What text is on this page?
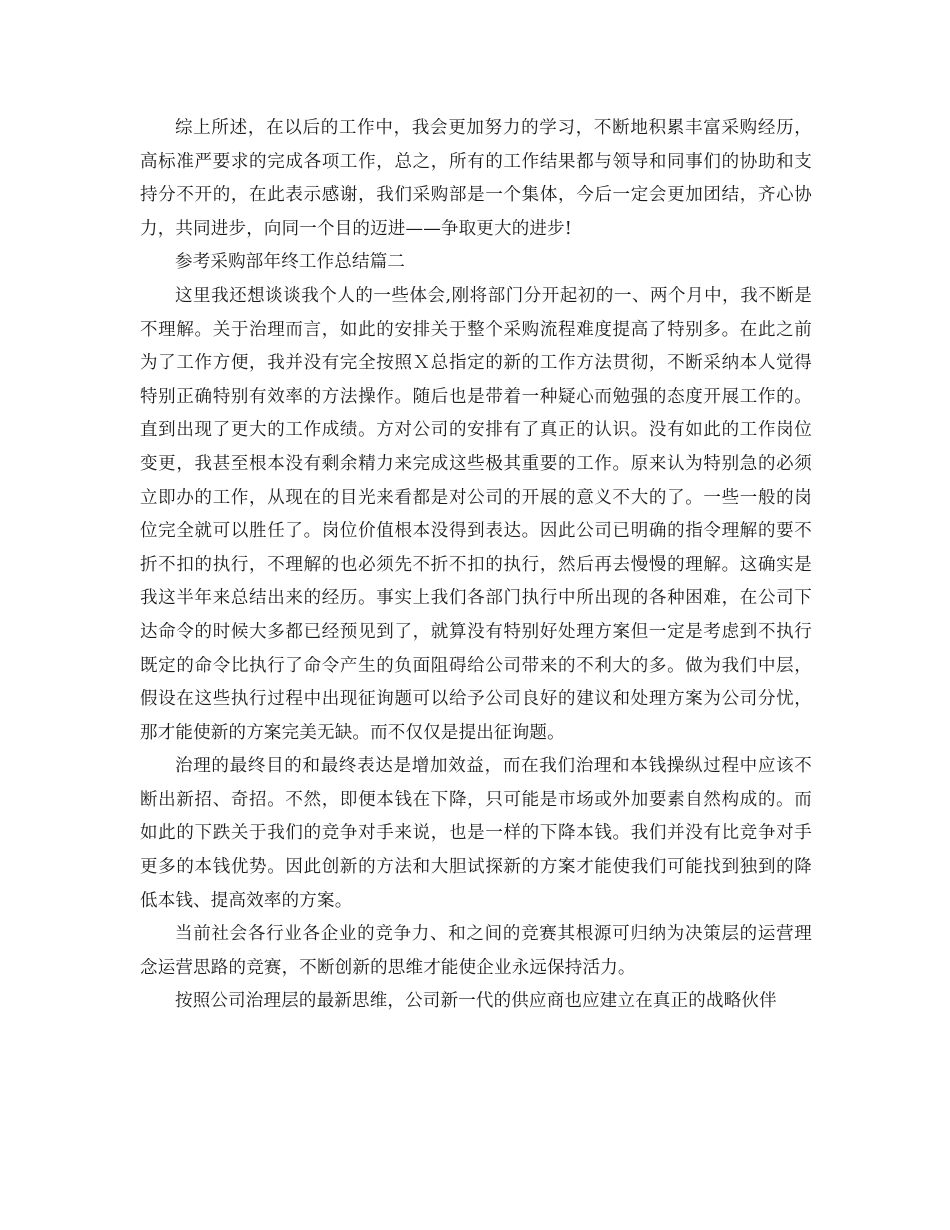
综上所述，在以后的工作中，我会更加努力的学习，不断地积累丰富采购经历，高标准严要求的完成各项工作，总之，所有的工作结果都与领导和同事们的协助和支持分不开的，在此表示感谢，我们采购部是一个集体，今后一定会更加团结，齐心协力，共同进步，向同一个目的迈进——争取更大的进步!

参考采购部年终工作总结篇二

这里我还想谈谈我个人的一些体会,刚将部门分开起初的一、两个月中，我不断是不理解。关于治理而言，如此的安排关于整个采购流程难度提高了特别多。在此之前为了工作方便，我并没有完全按照Ｘ总指定的新的工作方法贯彻，不断采纳本人觉得特别正确特别有效率的方法操作。随后也是带着一种疑心而勉强的态度开展工作的。直到出现了更大的工作成绩。方对公司的安排有了真正的认识。没有如此的工作岗位变更，我甚至根本没有剩余精力来完成这些极其重要的工作。原来认为特别急的必须立即办的工作，从现在的目光来看都是对公司的开展的意义不大的了。一些一般的岗位完全就可以胜任了。岗位价值根本没得到表达。因此公司已明确的指令理解的要不折不扣的执行，不理解的也必须先不折不扣的执行，然后再去慢慢的理解。这确实是我这半年来总结出来的经历。事实上我们各部门执行中所出现的各种困难，在公司下达命令的时候大多都已经预见到了，就算没有特别好处理方案但一定是考虑到不执行既定的命令比执行了命令产生的负面阻碍给公司带来的不利大的多。做为我们中层，假设在这些执行过程中出现征询题可以给予公司良好的建议和处理方案为公司分忧，那才能使新的方案完美无缺。而不仅仅是提出征询题。

治理的最终目的和最终表达是增加效益，而在我们治理和本钱操纵过程中应该不断出新招、奇招。不然，即便本钱在下降，只可能是市场或外加要素自然构成的。而如此的下跌关于我们的竞争对手来说，也是一样的下降本钱。我们并没有比竞争对手更多的本钱优势。因此创新的方法和大胆试探新的方案才能使我们可能找到独到的降低本钱、提高效率的方案。

当前社会各行业各企业的竞争力、和之间的竞赛其根源可归纳为决策层的运营理念运营思路的竞赛，不断创新的思维才能使企业永远保持活力。

按照公司治理层的最新思维，公司新一代的供应商也应建立在真正的战略伙伴
